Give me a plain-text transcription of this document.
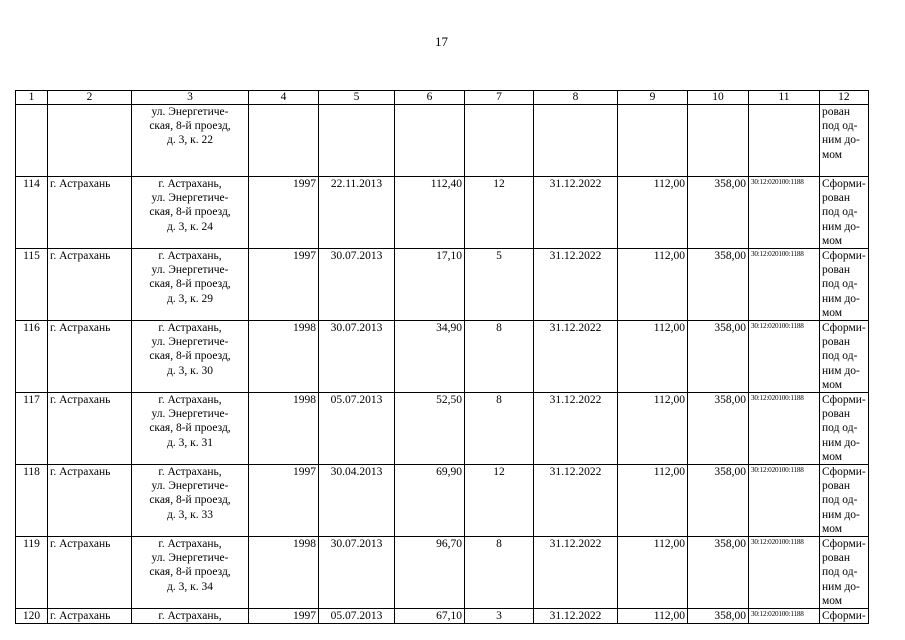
17
1	2	3	4	5	6	7	8	9	10	11	12

		ул. Энергетиче-
ская, 8-й проезд,
д. 3, к. 22									рован
под од-
ним до-
мом

114	г. Астрахань	г. Астрахань,
ул. Энергетиче-
ская, 8-й проезд,
д. 3, к. 24	1997	22.11.2013	112,40	12	31.12.2022	112,00	358,00	30:12:020100:1188	Сформи-
рован
под од-
ним до-
мом

115	г. Астрахань	г. Астрахань,
ул. Энергетиче-
ская, 8-й проезд,
д. 3, к. 29	1997	30.07.2013	17,10	5	31.12.2022	112,00	358,00	30:12:020100:1188	Сформи-
рован
под од-
ним до-
мом

116	г. Астрахань	г. Астрахань,
ул. Энергетиче-
ская, 8-й проезд,
д. 3, к. 30	1998	30.07.2013	34,90	8	31.12.2022	112,00	358,00	30:12:020100:1188	Сформи-
рован
под од-
ним до-
мом

117	г. Астрахань	г. Астрахань,
ул. Энергетиче-
ская, 8-й проезд,
д. 3, к. 31	1998	05.07.2013	52,50	8	31.12.2022	112,00	358,00	30:12:020100:1188	Сформи-
рован
под од-
ним до-
мом

118	г. Астрахань	г. Астрахань,
ул. Энергетиче-
ская, 8-й проезд,
д. 3, к. 33	1997	30.04.2013	69,90	12	31.12.2022	112,00	358,00	30:12:020100:1188	Сформи-
рован
под од-
ним до-
мом

119	г. Астрахань	г. Астрахань,
ул. Энергетиче-
ская, 8-й проезд,
д. 3, к. 34	1998	30.07.2013	96,70	8	31.12.2022	112,00	358,00	30:12:020100:1188	Сформи-
рован
под од-
ним до-
мом

120	г. Астрахань	г. Астрахань,	1997	05.07.2013	67,10	3	31.12.2022	112,00	358,00	30:12:020100:1188	Сформи-
